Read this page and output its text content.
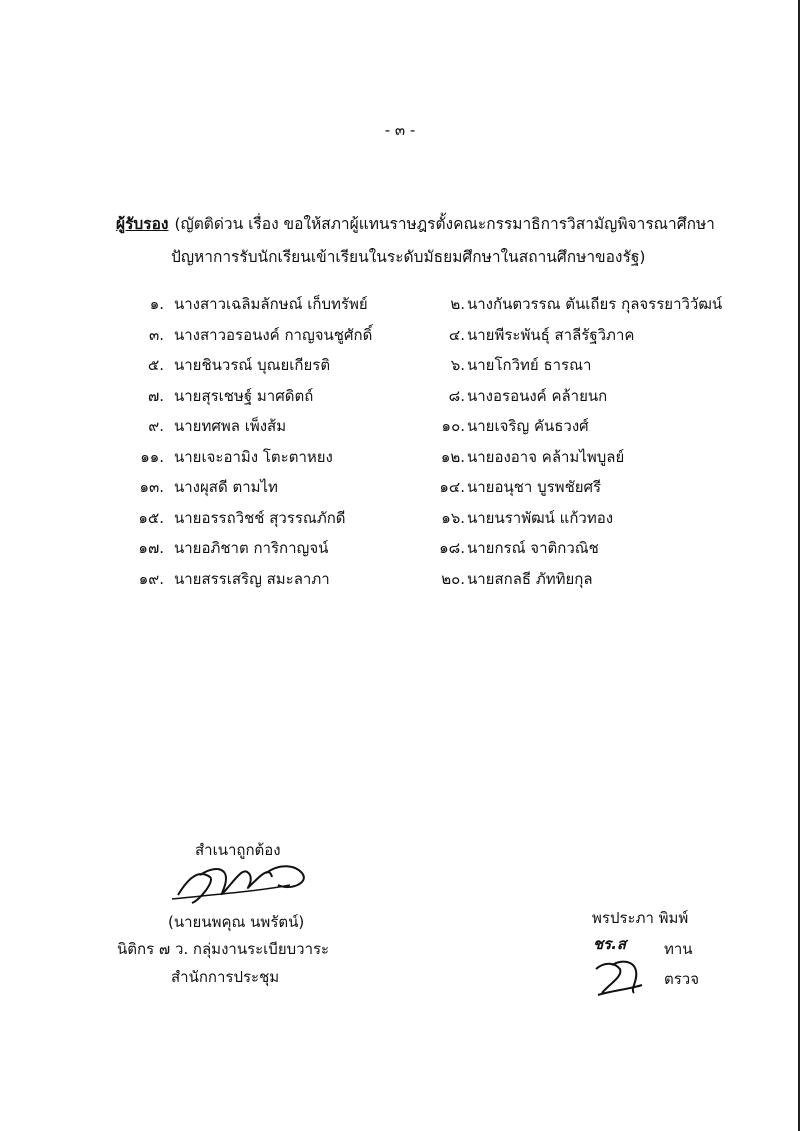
- ๓ -
ผู้รับรอง (ญัตติด่วน เรื่อง ขอให้สภาผู้แทนราษฎรตั้งคณะกรรมาธิการวิสามัญพิจารณาศึกษา
ปัญหาการรับนักเรียนเข้าเรียนในระดับมัธยมศึกษาในสถานศึกษาของรัฐ)
๑. นางสาวเฉลิมลักษณ์ เก็บทรัพย์	๒. นางกันตวรรณ ตันเถียร กุลจรรยาวิวัฒน์
๓. นางสาวอรอนงค์ กาญจนชูศักดิ์	๔. นายพีระพันธุ์ สาลีรัฐวิภาค
๕. นายชินวรณ์ บุณยเกียรติ	๖. นายโกวิทย์ ธารณา
๗. นายสุรเชษฐ์ มาศดิตถ์	๘. นางอรอนงค์ คล้ายนก
๙. นายทศพล เพ็งส้ม	๑๐. นายเจริญ คันธวงศ์
๑๑. นายเจะอามิง โตะตาหยง	๑๒. นายองอาจ คล้ามไพบูลย์
๑๓. นางผุสดี ตามไท	๑๔. นายอนุชา บูรพชัยศรี
๑๕. นายอรรถวิชช์ สุวรรณภักดี	๑๖. นายนราพัฒน์ แก้วทอง
๑๗. นายอภิชาต การิกาญจน์	๑๘. นายกรณ์ จาติกวณิช
๑๙. นายสรรเสริญ สมะลาภา	๒๐. นายสกลธี ภัททิยกุล
สำเนาถูกต้อง
(นายนพคุณ นพรัตน์)
นิติกร ๗ ว. กลุ่มงานระเบียบวาระ
สำนักการประชุม
พรประภา พิมพ์
ชร.ส	ทาน
ตรวจ
